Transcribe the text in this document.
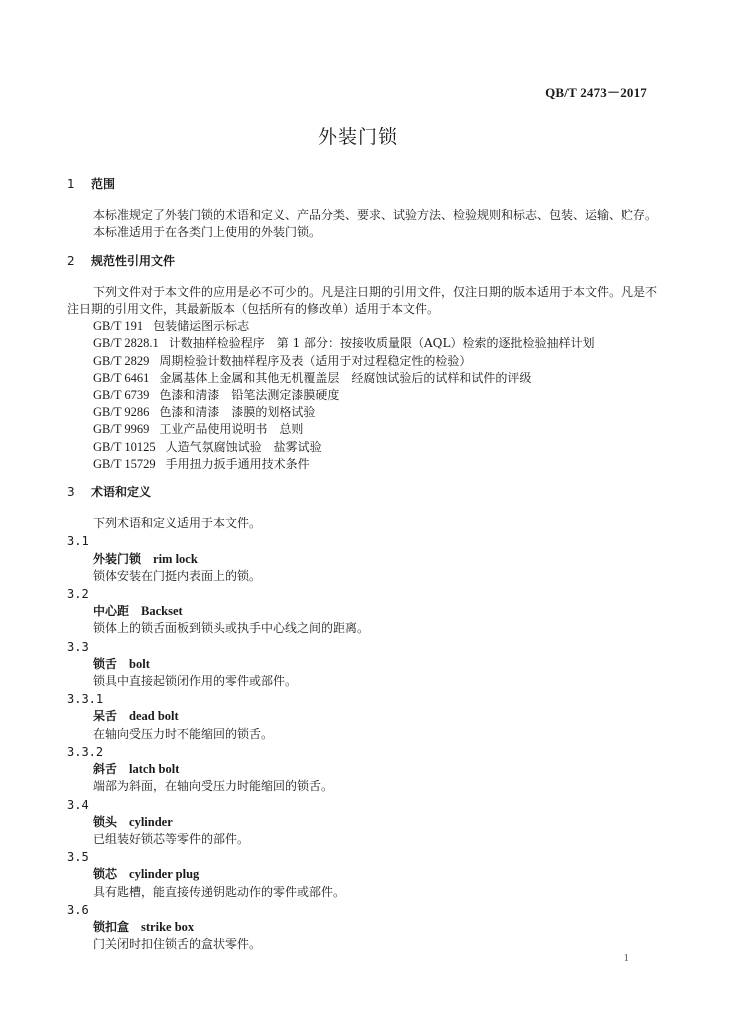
QB/T 2473－2017
外装门锁
1 范围

本标准规定了外装门锁的术语和定义、产品分类、要求、试验方法、检验规则和标志、包装、运输、贮存。

本标准适用于在各类门上使用的外装门锁。

2 规范性引用文件

下列文件对于本文件的应用是必不可少的。凡是注日期的引用文件，仅注日期的版本适用于本文件。凡是不注日期的引用文件，其最新版本（包括所有的修改单）适用于本文件。

GB/T 191 包装储运图示标志
GB/T 2828.1 计数抽样检验程序　第 1 部分：按接收质量限（AQL）检索的逐批检验抽样计划
GB/T 2829 周期检验计数抽样程序及表（适用于对过程稳定性的检验）
GB/T 6461 金属基体上金属和其他无机覆盖层　经腐蚀试验后的试样和试件的评级
GB/T 6739 色漆和清漆　铅笔法测定漆膜硬度
GB/T 9286 色漆和清漆　漆膜的划格试验
GB/T 9969 工业产品使用说明书　总则
GB/T 10125 人造气氛腐蚀试验　盐雾试验
GB/T 15729 手用扭力扳手通用技术条件
3 术语和定义

下列术语和定义适用于本文件。

3.1
外装门锁 rim lock
锁体安装在门挺内表面上的锁。
3.2
中心距 Backset
锁体上的锁舌面板到锁头或执手中心线之间的距离。
3.3
锁舌 bolt
锁具中直接起锁闭作用的零件或部件。
3.3.1
呆舌 dead bolt
在轴向受压力时不能缩回的锁舌。
3.3.2
斜舌 latch bolt
端部为斜面，在轴向受压力时能缩回的锁舌。
3.4
锁头 cylinder
已组装好锁芯等零件的部件。
3.5
锁芯 cylinder plug
具有匙槽，能直接传递钥匙动作的零件或部件。
3.6
锁扣盒 strike box
门关闭时扣住锁舌的盒状零件。
1
